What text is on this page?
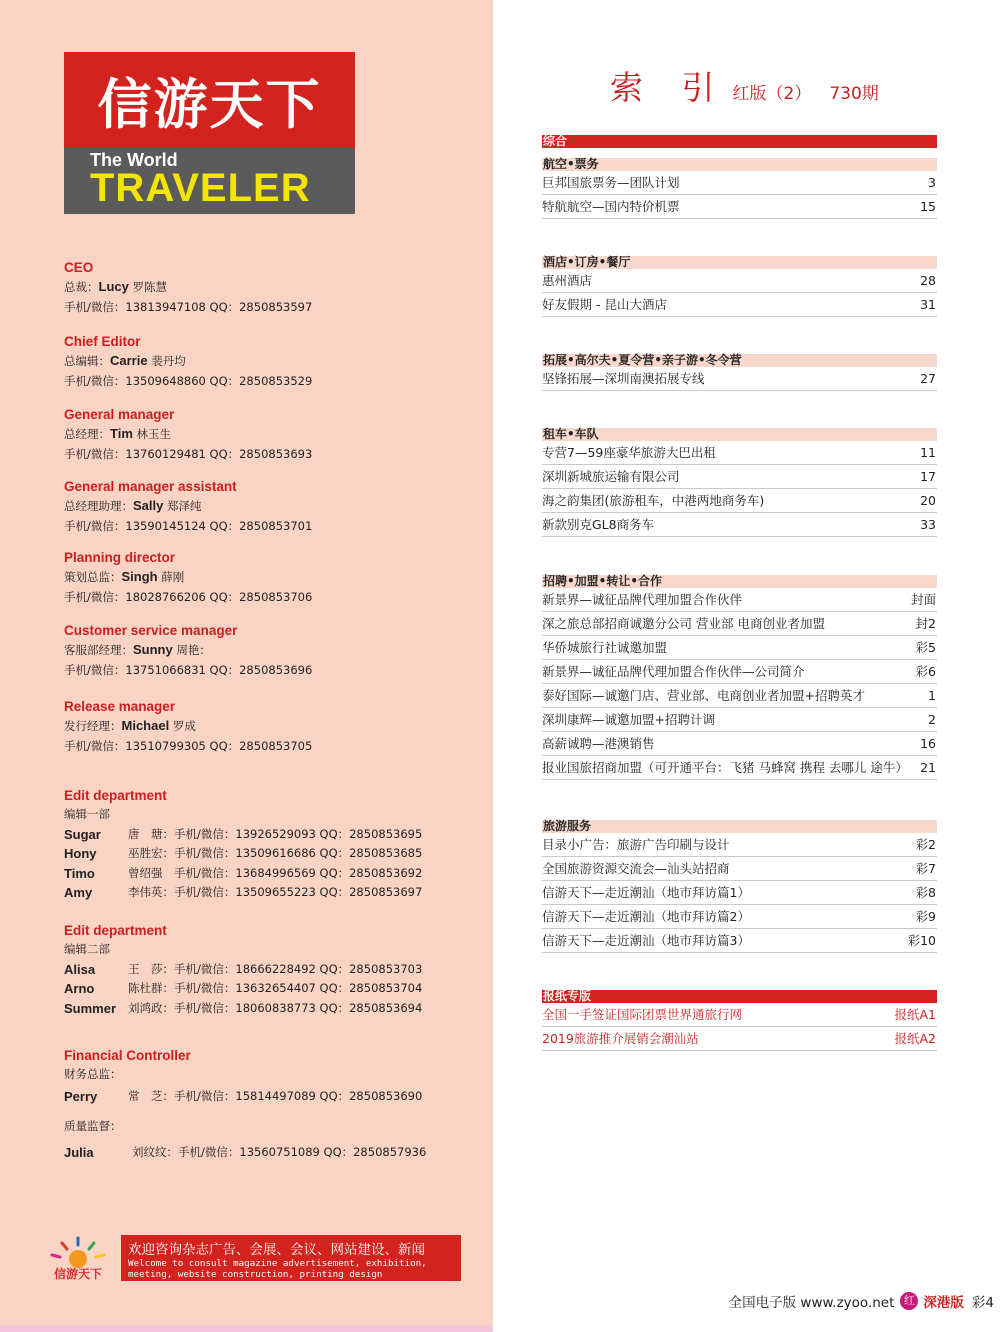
信游天下
The World
TRAVELER
CEO
总裁：Lucy 罗陈慧
手机/微信：13813947108 QQ：2850853597
Chief Editor
总编辑：Carrie 裴丹均
手机/微信：13509648860 QQ：2850853529
General manager
总经理：Tim 林玉生
手机/微信：13760129481 QQ：2850853693
General manager assistant
总经理助理：Sally 郑泽纯
手机/微信：13590145124 QQ：2850853701
Planning director
策划总监：Singh 薛刚
手机/微信：18028766206 QQ：2850853706
Customer service manager
客服部经理：Sunny 周艳：
手机/微信：13751066831 QQ：2850853696
Release manager
发行经理：Michael 罗成
手机/微信：13510799305 QQ：2850853705
Edit department
编辑一部
Sugar	唐　瑭：手机/微信：13926529093 QQ：2850853695
Hony	巫胜宏：手机/微信：13509616686 QQ：2850853685
Timo	曾绍强　手机/微信：13684996569 QQ：2850853692
Amy	李伟英：手机/微信：13509655223 QQ：2850853697
Edit department
编辑二部
Alisa	王　莎：手机/微信：18666228492 QQ：2850853703
Arno	陈杜群：手机/微信：13632654407 QQ：2850853704
Summer	刘鸿政：手机/微信：18060838773 QQ：2850853694
Financial Controller
财务总监：
Perry	常　芝：手机/微信：15814497089 QQ：2850853690
质量监督：
Julia	刘纹纹：手机/微信：13560751089 QQ：2850857936
信游天下
欢迎咨询杂志广告、会展、会议、网站建设、新闻
Welcome to consult magazine advertisement, exhibition,
meeting, website construction, printing design
索 引 红版（2） 730期
综合
航空•票务
巨邦国旅票务—团队计划	3
特航航空—国内特价机票	15
酒店•订房•餐厅
惠州酒店	28
好友假期 - 昆山大酒店	31
拓展•高尔夫•夏令营•亲子游•冬令营
坚锋拓展—深圳南澳拓展专线	27
租车•车队
专营7—59座豪华旅游大巴出租	11
深圳新城旅运输有限公司	17
海之韵集团(旅游租车，中港两地商务车)	20
新款别克GL8商务车	33
招聘•加盟•转让•合作
新景界—诚征品牌代理加盟合作伙伴	封面
深之旅总部招商诚邀分公司 营业部 电商创业者加盟	封2
华侨城旅行社诚邀加盟	彩5
新景界—诚征品牌代理加盟合作伙伴—公司简介	彩6
泰好国际—诚邀门店、营业部、电商创业者加盟+招聘英才	1
深圳康辉—诚邀加盟+招聘计调	2
高薪诚聘—港澳销售	16
报业国旅招商加盟（可开通平台：飞猪 马蜂窝 携程 去哪儿 途牛） 21
旅游服务
目录小广告：旅游广告印刷与设计	彩2
全国旅游资源交流会—汕头站招商	彩7
信游天下—走近潮汕（地市拜访篇1）	彩8
信游天下—走近潮汕（地市拜访篇2）	彩9
信游天下—走近潮汕（地市拜访篇3）	彩10
报纸专版
全国一手签证国际团票世界通旅行网	报纸A1
2019旅游推介展销会潮汕站	报纸A2
全国电子版 www.zyoo.net 红 深港版 彩4
